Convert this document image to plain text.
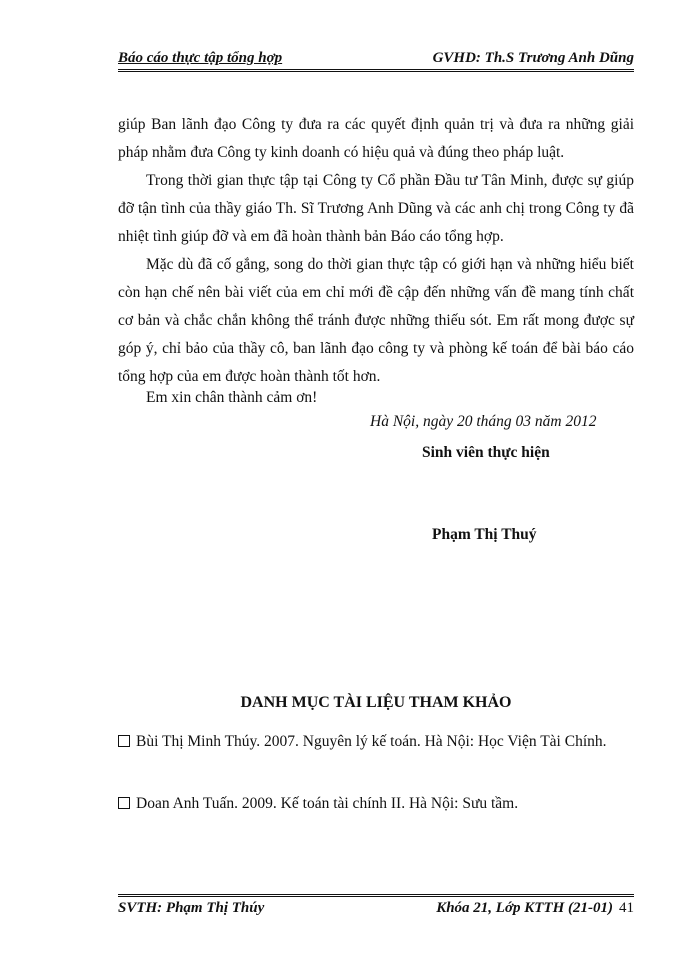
Báo cáo thực tập tổng hợp	GVHD: Th.S Trương Anh Dũng
giúp Ban lãnh đạo Công ty đưa ra các quyết định quản trị và đưa ra những giải pháp nhằm đưa Công ty kinh doanh có hiệu quả và đúng theo pháp luật.
Trong thời gian thực tập tại Công ty Cổ phần Đầu tư Tân Minh, được sự giúp đỡ tận tình của thầy giáo Th. Sĩ Trương Anh Dũng và các anh chị trong Công ty đã nhiệt tình giúp đỡ và em đã hoàn thành bản Báo cáo tổng hợp.
Mặc dù đã cố gắng, song do thời gian thực tập có giới hạn và những hiểu biết còn hạn chế nên bài viết của em chỉ mới đề cập đến những vấn đề mang tính chất cơ bản và chắc chắn không thể tránh được những thiếu sót. Em rất mong được sự góp ý, chỉ bảo của thầy cô, ban lãnh đạo công ty và phòng kế toán để bài báo cáo tổng hợp của em được hoàn thành tốt hơn.
Em xin chân thành cảm ơn!
Hà Nội, ngày 20 tháng 03 năm 2012
Sinh viên thực hiện
Phạm Thị Thuý
DANH MỤC TÀI LIỆU THAM KHẢO
Bùi Thị Minh Thúy. 2007. Nguyên lý kế toán. Hà Nội: Học Viện Tài Chính.
Doan Anh Tuấn. 2009. Kế toán tài chính II. Hà Nội: Sưu tầm.
SVTH: Phạm Thị Thúy	Khóa 21, Lớp KTTH (21-01) 41
